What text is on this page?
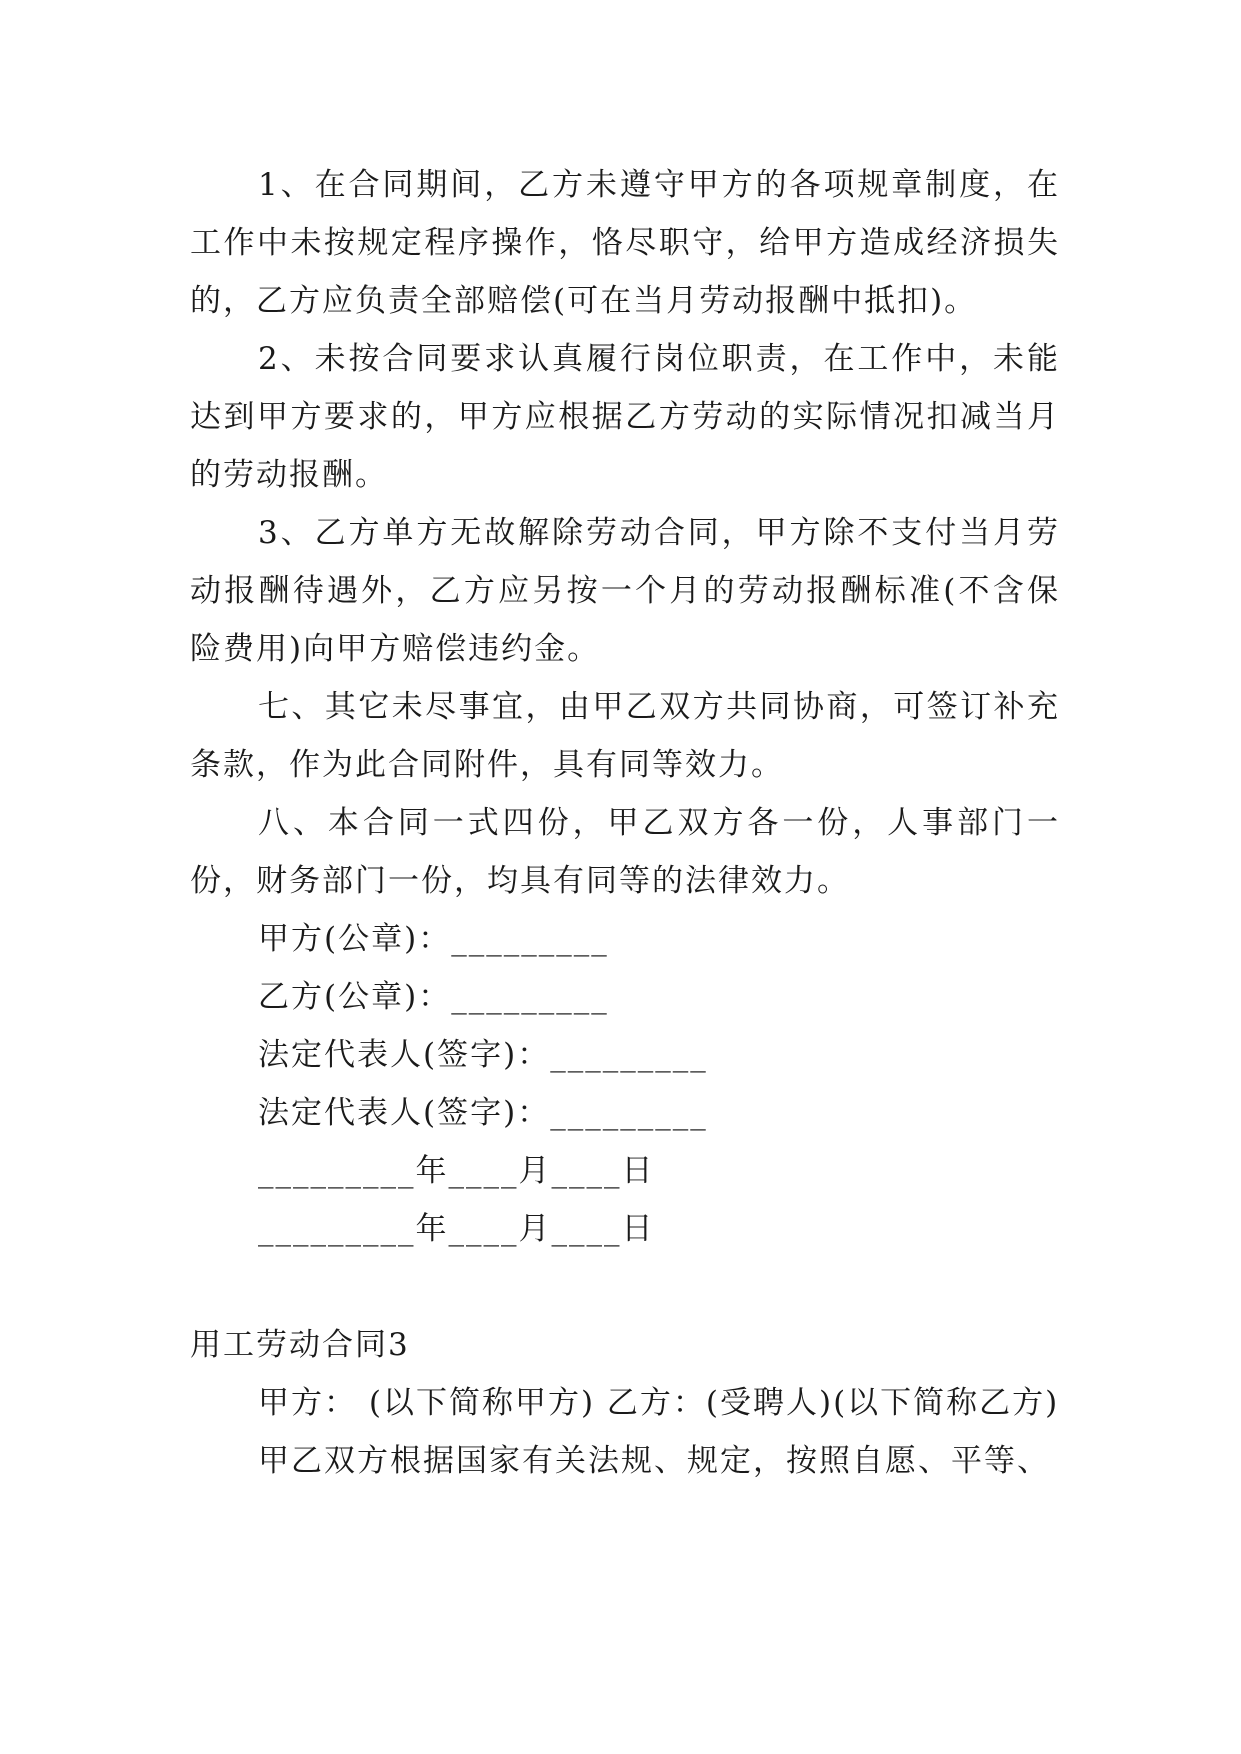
1、在合同期间，乙方未遵守甲方的各项规章制度，在工作中未按规定程序操作，恪尽职守，给甲方造成经济损失的，乙方应负责全部赔偿(可在当月劳动报酬中抵扣)。

2、未按合同要求认真履行岗位职责，在工作中，未能达到甲方要求的，甲方应根据乙方劳动的实际情况扣减当月的劳动报酬。

3、乙方单方无故解除劳动合同，甲方除不支付当月劳动报酬待遇外，乙方应另按一个月的劳动报酬标准(不含保险费用)向甲方赔偿违约金。

七、其它未尽事宜，由甲乙双方共同协商，可签订补充条款，作为此合同附件，具有同等效力。

八、本合同一式四份，甲乙双方各一份，人事部门一份，财务部门一份，均具有同等的法律效力。

甲方(公章)：_________

乙方(公章)：_________

法定代表人(签字)：_________

法定代表人(签字)：_________

_________年____月____日

_________年____月____日

用工劳动合同3

甲方： (以下简称甲方) 乙方：(受聘人)(以下简称乙方)

甲乙双方根据国家有关法规、规定，按照自愿、平等、
